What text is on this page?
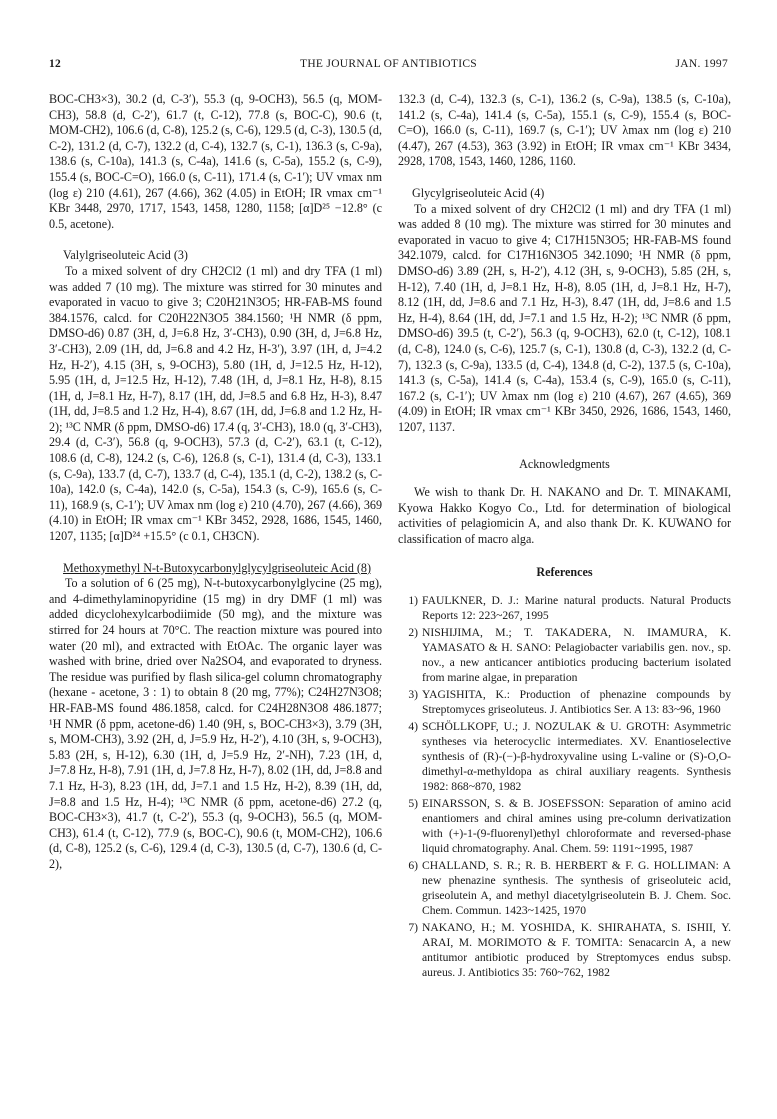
12	THE JOURNAL OF ANTIBIOTICS	JAN. 1997

BOC-CH3×3), 30.2 (d, C-3′), 55.3 (q, 9-OCH3), 56.5 (q, MOM-CH3), 58.8 (d, C-2′), 61.7 (t, C-12), 77.8 (s, BOC-C), 90.6 (t, MOM-CH2), 106.6 (d, C-8), 125.2 (s, C-6), 129.5 (d, C-3), 130.5 (d, C-2), 131.2 (d, C-7), 132.2 (d, C-4), 132.7 (s, C-1), 136.3 (s, C-9a), 138.6 (s, C-10a), 141.3 (s, C-4a), 141.6 (s, C-5a), 155.2 (s, C-9), 155.4 (s, BOC-C=O), 166.0 (s, C-11), 171.4 (s, C-1′); UV νmax nm (log ε) 210 (4.61), 267 (4.66), 362 (4.05) in EtOH; IR νmax cm⁻¹ KBr 3448, 2970, 1717, 1543, 1458, 1280, 1158; [α]D²⁵ −12.8° (c 0.5, acetone).

Valylgriseoluteic Acid (3)

To a mixed solvent of dry CH2Cl2 (1 ml) and dry TFA (1 ml) was added 7 (10 mg). The mixture was stirred for 30 minutes and evaporated in vacuo to give 3; C20H21N3O5; HR-FAB-MS found 384.1576, calcd. for C20H22N3O5 384.1560; ¹H NMR (δ ppm, DMSO-d6) 0.87 (3H, d, J=6.8 Hz, 3′-CH3), 0.90 (3H, d, J=6.8 Hz, 3′-CH3), 2.09 (1H, dd, J=6.8 and 4.2 Hz, H-3′), 3.97 (1H, d, J=4.2 Hz, H-2′), 4.15 (3H, s, 9-OCH3), 5.80 (1H, d, J=12.5 Hz, H-12), 5.95 (1H, d, J=12.5 Hz, H-12), 7.48 (1H, d, J=8.1 Hz, H-8), 8.15 (1H, d, J=8.1 Hz, H-7), 8.17 (1H, dd, J=8.5 and 6.8 Hz, H-3), 8.47 (1H, dd, J=8.5 and 1.2 Hz, H-4), 8.67 (1H, dd, J=6.8 and 1.2 Hz, H-2); ¹³C NMR (δ ppm, DMSO-d6) 17.4 (q, 3′-CH3), 18.0 (q, 3′-CH3), 29.4 (d, C-3′), 56.8 (q, 9-OCH3), 57.3 (d, C-2′), 63.1 (t, C-12), 108.6 (d, C-8), 124.2 (s, C-6), 126.8 (s, C-1), 131.4 (d, C-3), 133.1 (s, C-9a), 133.7 (d, C-7), 133.7 (d, C-4), 135.1 (d, C-2), 138.2 (s, C-10a), 142.0 (s, C-4a), 142.0 (s, C-5a), 154.3 (s, C-9), 165.6 (s, C-11), 168.9 (s, C-1′); UV λmax nm (log ε) 210 (4.70), 267 (4.66), 369 (4.10) in EtOH; IR νmax cm⁻¹ KBr 3452, 2928, 1686, 1545, 1460, 1207, 1135; [α]D²⁴ +15.5° (c 0.1, CH3CN).

Methoxymethyl N-t-Butoxycarbonylglycylgriseoluteic Acid (8)

To a solution of 6 (25 mg), N-t-butoxycarbonylglycine (25 mg), and 4-dimethylaminopyridine (15 mg) in dry DMF (1 ml) was added dicyclohexylcarbodiimide (50 mg), and the mixture was stirred for 24 hours at 70°C. The reaction mixture was poured into water (20 ml), and extracted with EtOAc. The organic layer was washed with brine, dried over Na2SO4, and evaporated to dryness. The residue was purified by flash silica-gel column chromatography (hexane - acetone, 3 : 1) to obtain 8 (20 mg, 77%); C24H27N3O8; HR-FAB-MS found 486.1858, calcd. for C24H28N3O8 486.1877; ¹H NMR (δ ppm, acetone-d6) 1.40 (9H, s, BOC-CH3×3), 3.79 (3H, s, MOM-CH3), 3.92 (2H, d, J=5.9 Hz, H-2′), 4.10 (3H, s, 9-OCH3), 5.83 (2H, s, H-12), 6.30 (1H, d, J=5.9 Hz, 2′-NH), 7.23 (1H, d, J=7.8 Hz, H-8), 7.91 (1H, d, J=7.8 Hz, H-7), 8.02 (1H, dd, J=8.8 and 7.1 Hz, H-3), 8.23 (1H, dd, J=7.1 and 1.5 Hz, H-2), 8.39 (1H, dd, J=8.8 and 1.5 Hz, H-4); ¹³C NMR (δ ppm, acetone-d6) 27.2 (q, BOC-CH3×3), 41.7 (t, C-2′), 55.3 (q, 9-OCH3), 56.5 (q, MOM-CH3), 61.4 (t, C-12), 77.9 (s, BOC-C), 90.6 (t, MOM-CH2), 106.6 (d, C-8), 125.2 (s, C-6), 129.4 (d, C-3), 130.5 (d, C-7), 130.6 (d, C-2),

132.3 (d, C-4), 132.3 (s, C-1), 136.2 (s, C-9a), 138.5 (s, C-10a), 141.2 (s, C-4a), 141.4 (s, C-5a), 155.1 (s, C-9), 155.4 (s, BOC-C=O), 166.0 (s, C-11), 169.7 (s, C-1′); UV λmax nm (log ε) 210 (4.47), 267 (4.53), 363 (3.92) in EtOH; IR νmax cm⁻¹ KBr 3434, 2928, 1708, 1543, 1460, 1286, 1160.

Glycylgriseoluteic Acid (4)

To a mixed solvent of dry CH2Cl2 (1 ml) and dry TFA (1 ml) was added 8 (10 mg). The mixture was stirred for 30 minutes and evaporated in vacuo to give 4; C17H15N3O5; HR-FAB-MS found 342.1079, calcd. for C17H16N3O5 342.1090; ¹H NMR (δ ppm, DMSO-d6) 3.89 (2H, s, H-2′), 4.12 (3H, s, 9-OCH3), 5.85 (2H, s, H-12), 7.40 (1H, d, J=8.1 Hz, H-8), 8.05 (1H, d, J=8.1 Hz, H-7), 8.12 (1H, dd, J=8.6 and 7.1 Hz, H-3), 8.47 (1H, dd, J=8.6 and 1.5 Hz, H-4), 8.64 (1H, dd, J=7.1 and 1.5 Hz, H-2); ¹³C NMR (δ ppm, DMSO-d6) 39.5 (t, C-2′), 56.3 (q, 9-OCH3), 62.0 (t, C-12), 108.1 (d, C-8), 124.0 (s, C-6), 125.7 (s, C-1), 130.8 (d, C-3), 132.2 (d, C-7), 132.3 (s, C-9a), 133.5 (d, C-4), 134.8 (d, C-2), 137.5 (s, C-10a), 141.3 (s, C-5a), 141.4 (s, C-4a), 153.4 (s, C-9), 165.0 (s, C-11), 167.2 (s, C-1′); UV λmax nm (log ε) 210 (4.67), 267 (4.65), 369 (4.09) in EtOH; IR νmax cm⁻¹ KBr 3450, 2926, 1686, 1543, 1460, 1207, 1137.

Acknowledgments

We wish to thank Dr. H. NAKANO and Dr. T. MINAKAMI, Kyowa Hakko Kogyo Co., Ltd. for determination of biological activities of pelagiomicin A, and also thank Dr. K. KUWANO for classification of macro alga.

References
1) FAULKNER, D. J.: Marine natural products. Natural Products Reports 12: 223~267, 1995
2) NISHIJIMA, M.; T. TAKADERA, N. IMAMURA, K. YAMASATO & H. SANO: Pelagiobacter variabilis gen. nov., sp. nov., a new anticancer antibiotics producing bacterium isolated from marine algae, in preparation
3) YAGISHITA, K.: Production of phenazine compounds by Streptomyces griseoluteus. J. Antibiotics Ser. A 13: 83~96, 1960
4) SCHÖLLKOPF, U.; J. NOZULAK & U. GROTH: Asymmetric syntheses via heterocyclic intermediates. XV. Enantioselective synthesis of (R)-(−)-β-hydroxyvaline using L-valine or (S)-O,O-dimethyl-α-methyldopa as chiral auxiliary reagents. Synthesis 1982: 868~870, 1982
5) EINARSSON, S. & B. JOSEFSSON: Separation of amino acid enantiomers and chiral amines using pre-column derivatization with (+)-1-(9-fluorenyl)ethyl chloroformate and reversed-phase liquid chromatography. Anal. Chem. 59: 1191~1995, 1987
6) CHALLAND, S. R.; R. B. HERBERT & F. G. HOLLIMAN: A new phenazine synthesis. The synthesis of griseoluteic acid, griseolutein A, and methyl diacetylgriseolutein B. J. Chem. Soc. Chem. Commun. 1423~1425, 1970
7) NAKANO, H.; M. YOSHIDA, K. SHIRAHATA, S. ISHII, Y. ARAI, M. MORIMOTO & F. TOMITA: Senacarcin A, a new antitumor antibiotic produced by Streptomyces endus subsp. aureus. J. Antibiotics 35: 760~762, 1982
